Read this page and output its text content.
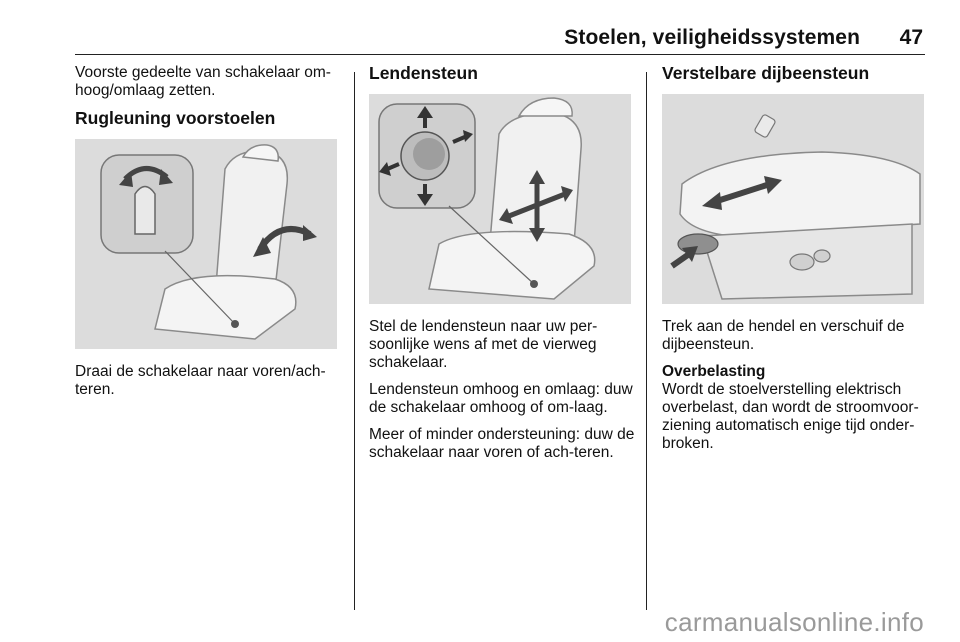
Stoelen, veiligheidssystemen 47

Voorste gedeelte van schakelaar om-hoog/omlaag zetten.

Rugleuning voorstoelen

Draai de schakelaar naar voren/ach-teren.

Lendensteun

Stel de lendensteun naar uw per-soonlijke wens af met de vierweg schakelaar.

Lendensteun omhoog en omlaag: duw de schakelaar omhoog of om-laag.

Meer of minder ondersteuning: duw de schakelaar naar voren of ach-teren.

Verstelbare dijbeensteun

Trek aan de hendel en verschuif de dijbeensteun.

Overbelasting

Wordt de stoelverstelling elektrisch overbelast, dan wordt de stroomvoor-ziening automatisch enige tijd onder-broken.

carmanualsonline.info
